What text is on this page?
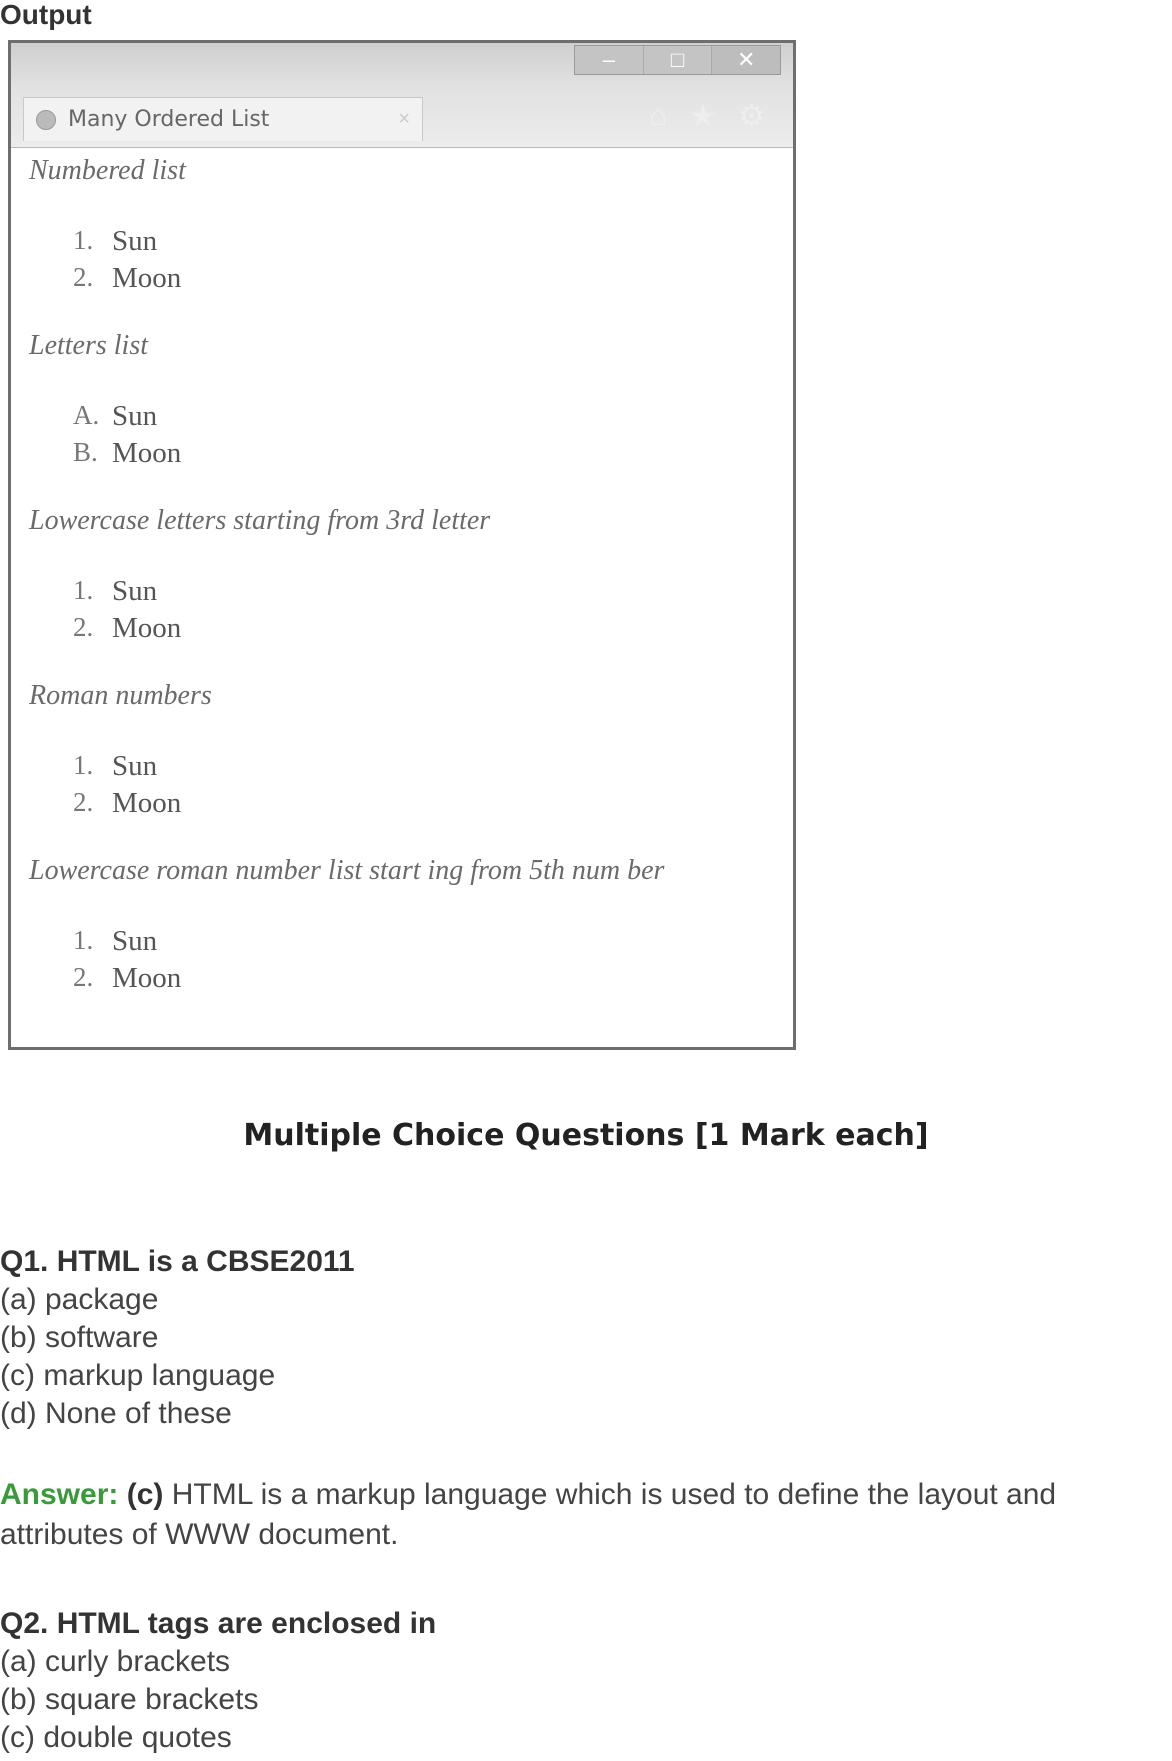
Output
–	□	✕
Many Ordered List	×	⌂ ★ ⚙

Numbered list

1. Sun
2. Moon

Letters list

A. Sun
B. Moon

Lowercase letters starting from 3rd letter

1. Sun
2. Moon

Roman numbers

1. Sun
2. Moon

Lowercase roman number list start ing from 5th num ber

1. Sun
2. Moon
Multiple Choice Questions [1 Mark each]
Q1. HTML is a CBSE2011
(a) package
(b) software
(c) markup language
(d) None of these
Answer: (c) HTML is a markup language which is used to define the layout and attributes of WWW document.
Q2. HTML tags are enclosed in
(a) curly brackets
(b) square brackets
(c) double quotes
